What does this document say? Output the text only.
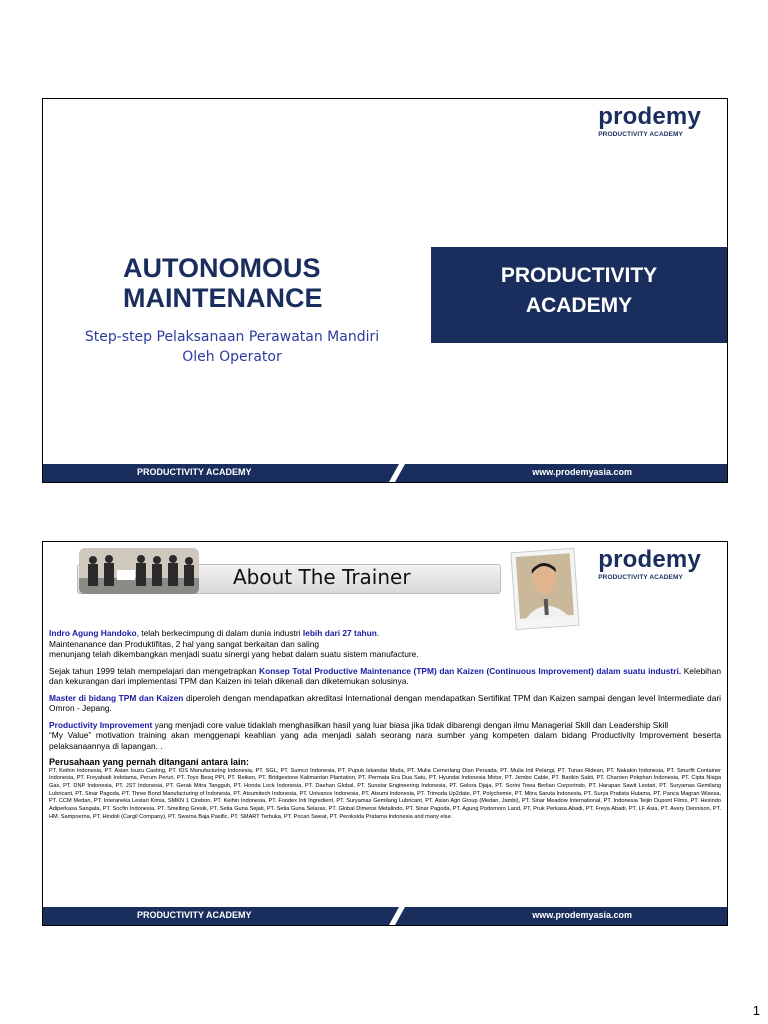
prodemy
PRODUCTIVITY ACADEMY
AUTONOMOUS
MAINTENANCE
Step-step Pelaksanaan Perawatan Mandiri Oleh Operator
PRODUCTIVITY
ACADEMY
PRODUCTIVITY ACADEMY	www.prodemyasia.com
About The Trainer
prodemy
PRODUCTIVITY ACADEMY

Indro Agung Handoko, telah berkecimpung di dalam dunia industri lebih dari 27 tahun.
Maintenanance dan Produktifitas, 2 hal yang sangat berkaitan dan saling
menunjang telah dikembangkan menjadi suatu sinergi yang hebat dalam suatu sistem manufacture.

Sejak tahun 1999 telah mempelajari dan mengetrapkan Konsep Total Productive Maintenance (TPM) dan Kaizen (Continuous Improvement) dalam suatu industri. Kelebihan dan kekurangan dari implementasi TPM dan Kaizen ini telah dikenali dan diketemukan solusinya.

Master di bidang TPM dan Kaizen diperoleh dengan mendapatkan akreditasi International dengan mendapatkan Sertifikat TPM dan Kaizen sampai dengan level Intermediate dari Omron - Jepang.

Productivity Improvement yang menjadi core value tidaklah menghasilkan hasil yang luar biasa jika tidak dibarengi dengan ilmu Managerial Skill dan Leadership Skill
“My Value” motivation training akan menggenapi keahlian yang ada menjadi salah seorang nara sumber yang kompeten dalam bidang Productivity Improvement beserta pelaksanaannya di lapangan. .

Perusahaan yang pernah ditangani antara lain:
PT. Keihin Indonesia, PT. Asian Isuzu Casting, PT. IDS Manufacturing Indonesia, PT. SGL, PT. Sumco Indonesia, PT. Pupuk Iskandar Muda, PT. Mulia Cemerlang Dian Persada, PT. Mulia Inti Pelangi, PT. Tunas Ridean, PT. Nakakin Indonesia, PT. Smurfit Container Indonesia, PT. Freyabadi Indotama, Perum Peruri, PT. Toyo Besq PPI, PT. Reiken, PT. Bridgestone Kalimantan Plantation, PT. Permata Era Dua Satu, PT. Hyundai Indonesia Motor, PT. Jembo Cable, PT. Barikin Sakti, PT. Charoen Pokphan Indonesia, PT. Cipta Niaga Gas, PT. DNP Indonesia, PT. JST Indonesia, PT. Gerak Mitra Tangguh, PT. Honda Lock Indonesia, PT. Daehan Global, PT. Sunstar Engineering Indonesia, PT. Gelora Djaja, PT. Sorini Towa Berlian Corporindo, PT. Harapan Sawit Lestari, PT. Suryamas Gemilang Lubricant, PT. Sinar Pagoda, PT. Three Bond Manufacturing of Indonesia, PT. Atsumitech Indonesia, PT. Univance Indonesia, PT. Atsumi Indonesia, PT. Trimoda Up2date, PT. Polychemie, PT. Mitra Saruta Indonesia, PT. Surya Pratista Hutama, PT. Panca Magran Wisesa, PT. CCM Medan, PT. Interaneka Lestari Kimia, SMKN 1 Cirebon, PT. Keihin Indonesia, PT. Foodex Inti Ingredient, PT. Suryamas Gemilang Lubricant, PT. Asian Agri Group (Medan, Jambi), PT. Sinar Meadow International, PT. Indonesia Teijin Dupont Films, PT. Hexindo Adiperkasa Sangata, PT. Socfin Indonesia, PT. Smelting Gresik, PT. Setia Guna Sejati, PT. Setia Guna Selaras, PT. Global Dimensi Metalindo, PT. Sinar Pagoda, PT. Agung Podomoro Land, PT. Pruk Perkasa Abadi, PT. Freya Abadi, PT. LF Asia, PT. Avery Dennison, PT. HM. Sampoerna, PT. Hindoli (Cargil Company), PT. Swarna Baja Pasific, PT. SMART Terbuka, PT. Pocari Sweat, PT. Peroksida Pratama Indonesia and many else.
PRODUCTIVITY ACADEMY	www.prodemyasia.com
1
